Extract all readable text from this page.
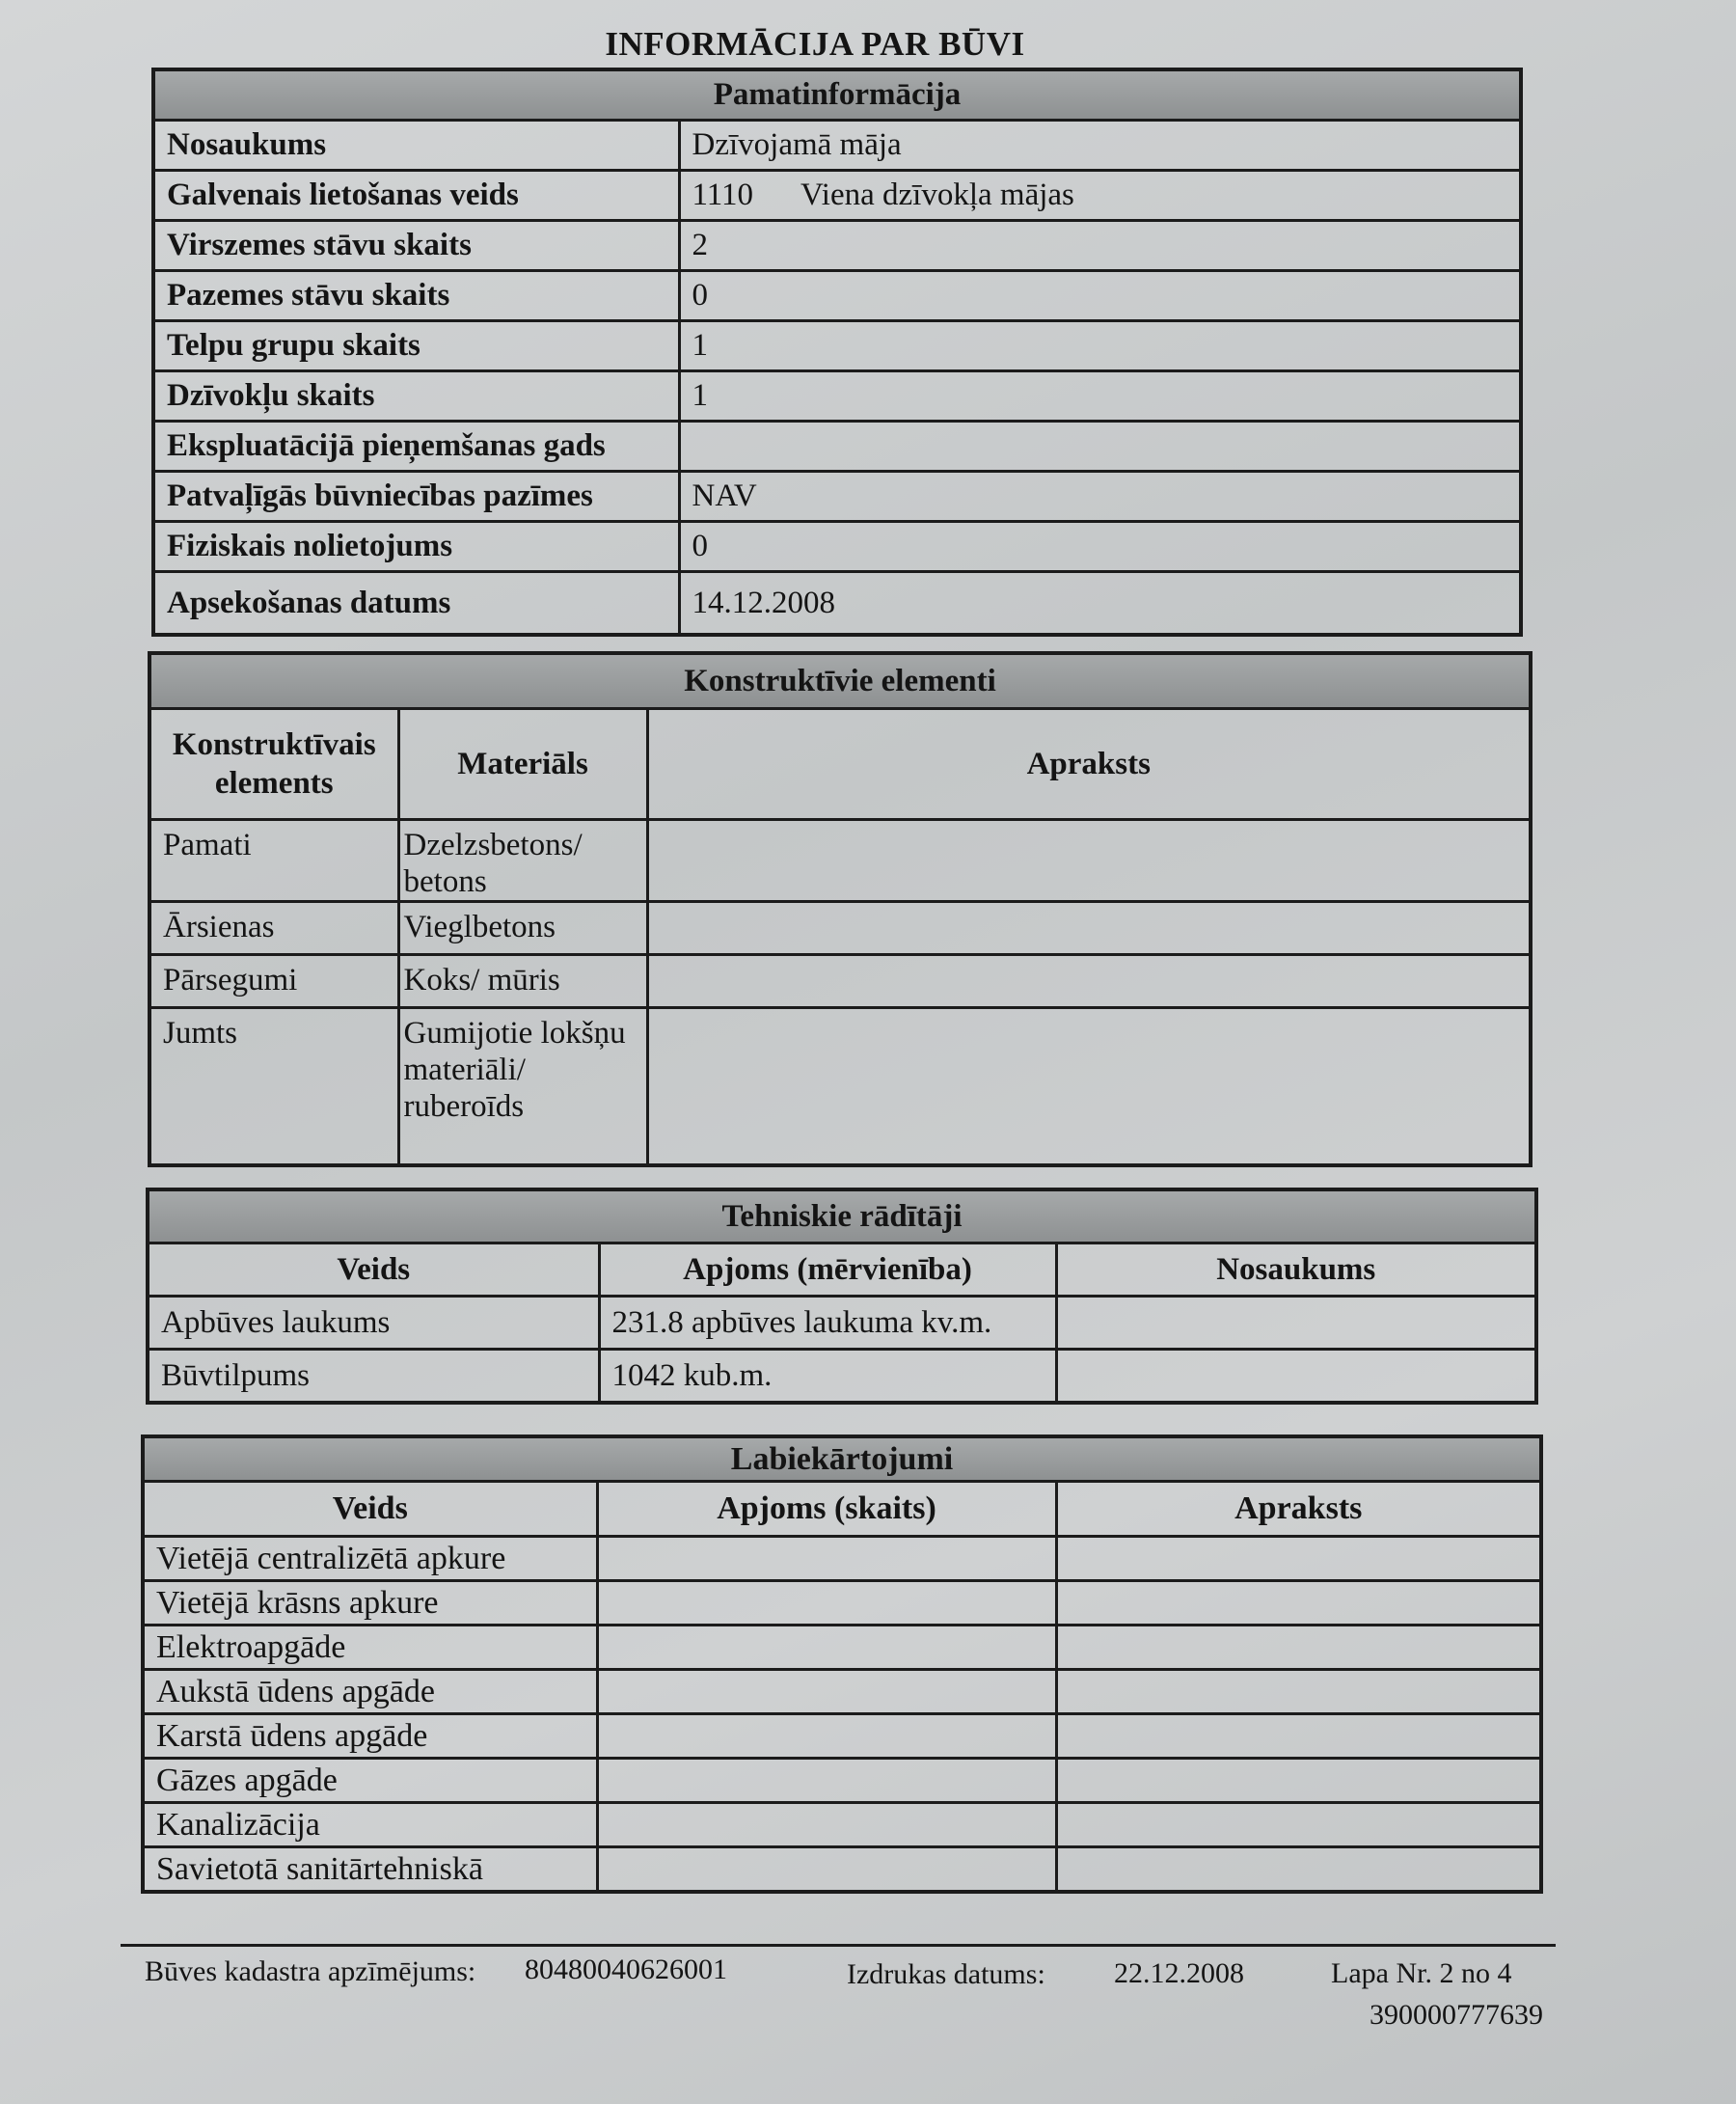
INFORMĀCIJA PAR BŪVI
Pamatinformācija	
Nosaukums	Dzīvojamā māja
Galvenais lietošanas veids	1110      Viena dzīvokļa mājas
Virszemes stāvu skaits	2
Pazemes stāvu skaits	0
Telpu grupu skaits	1
Dzīvokļu skaits	1
Ekspluatācijā pieņemšanas gads	
Patvaļīgās būvniecības pazīmes	NAV
Fiziskais nolietojums	0
Apsekošanas datums	14.12.2008
Konstruktīvie elementi		
Konstruktīvais elements	Materiāls	Apraksts
Pamati	Dzelzsbetons/ betons	
Ārsienas	Vieglbetons	
Pārsegumi	Koks/ mūris	
Jumts	Gumijotie lokšņu materiāli/ ruberoīds	
Tehniskie rādītāji		
Veids	Apjoms (mērvienība)	Nosaukums
Apbūves laukums	231.8 apbūves laukuma kv.m.	
Būvtilpums	1042 kub.m.	
Labiekārtojumi		
Veids	Apjoms (skaits)	Apraksts
Vietējā centralizētā apkure		
Vietējā krāsns apkure		
Elektroapgāde		
Aukstā ūdens apgāde		
Karstā ūdens apgāde		
Gāzes apgāde		
Kanalizācija		
Savietotā sanitārtehniskā		
Būves kadastra apzīmējums: 80480040626001	Izdrukas datums: 22.12.2008	Lapa Nr. 2 no 4
390000777639
